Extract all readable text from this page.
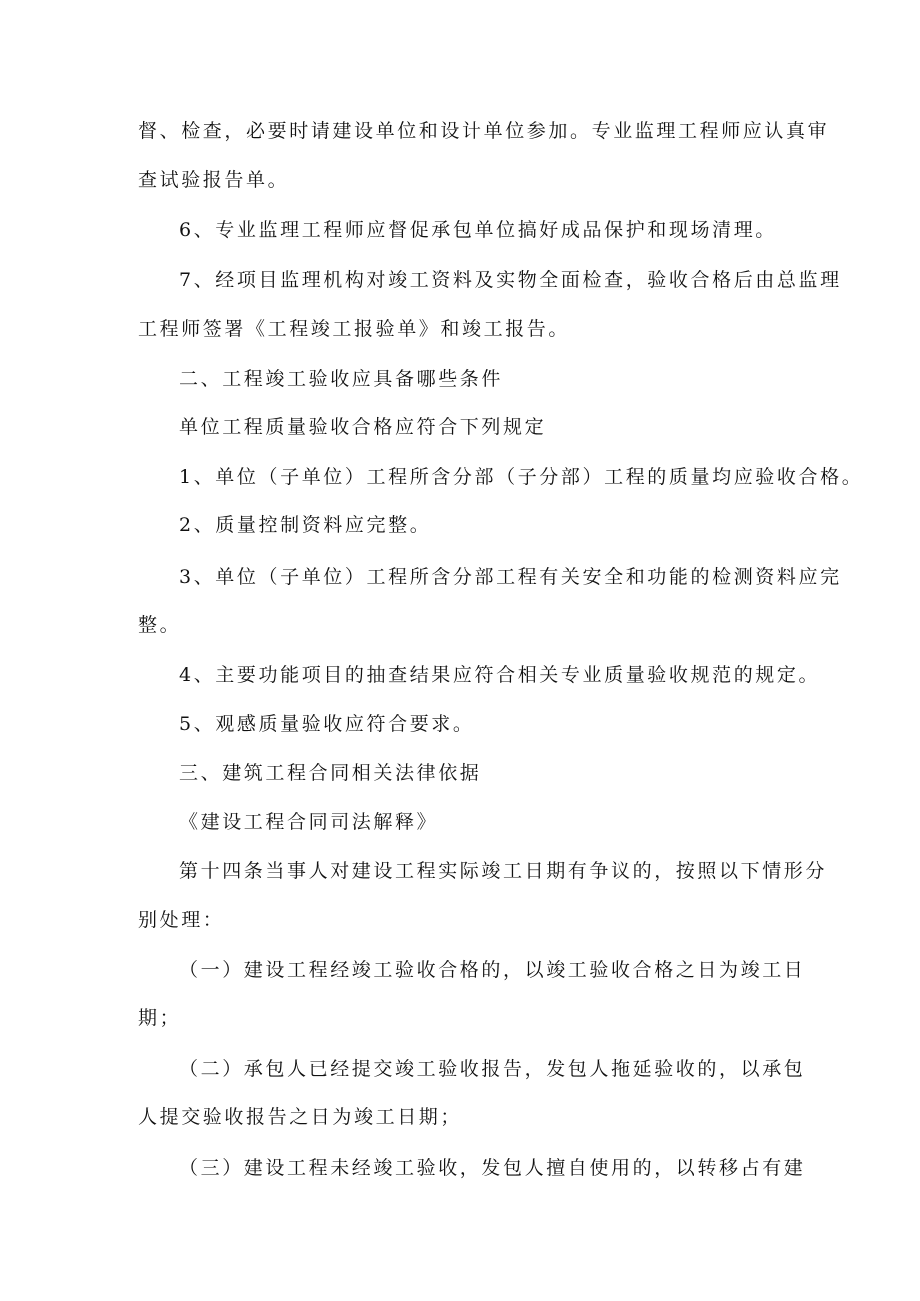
督、检查，必要时请建设单位和设计单位参加。专业监理工程师应认真审
查试验报告单。
6、专业监理工程师应督促承包单位搞好成品保护和现场清理。
7、经项目监理机构对竣工资料及实物全面检查，验收合格后由总监理
工程师签署《工程竣工报验单》和竣工报告。
二、工程竣工验收应具备哪些条件
单位工程质量验收合格应符合下列规定
1、单位（子单位）工程所含分部（子分部）工程的质量均应验收合格。
2、质量控制资料应完整。
3、单位（子单位）工程所含分部工程有关安全和功能的检测资料应完
整。
4、主要功能项目的抽查结果应符合相关专业质量验收规范的规定。
5、观感质量验收应符合要求。
三、建筑工程合同相关法律依据
《建设工程合同司法解释》
第十四条当事人对建设工程实际竣工日期有争议的，按照以下情形分
别处理：
（一）建设工程经竣工验收合格的，以竣工验收合格之日为竣工日
期；
（二）承包人已经提交竣工验收报告，发包人拖延验收的，以承包
人提交验收报告之日为竣工日期；
（三）建设工程未经竣工验收，发包人擅自使用的，以转移占有建
